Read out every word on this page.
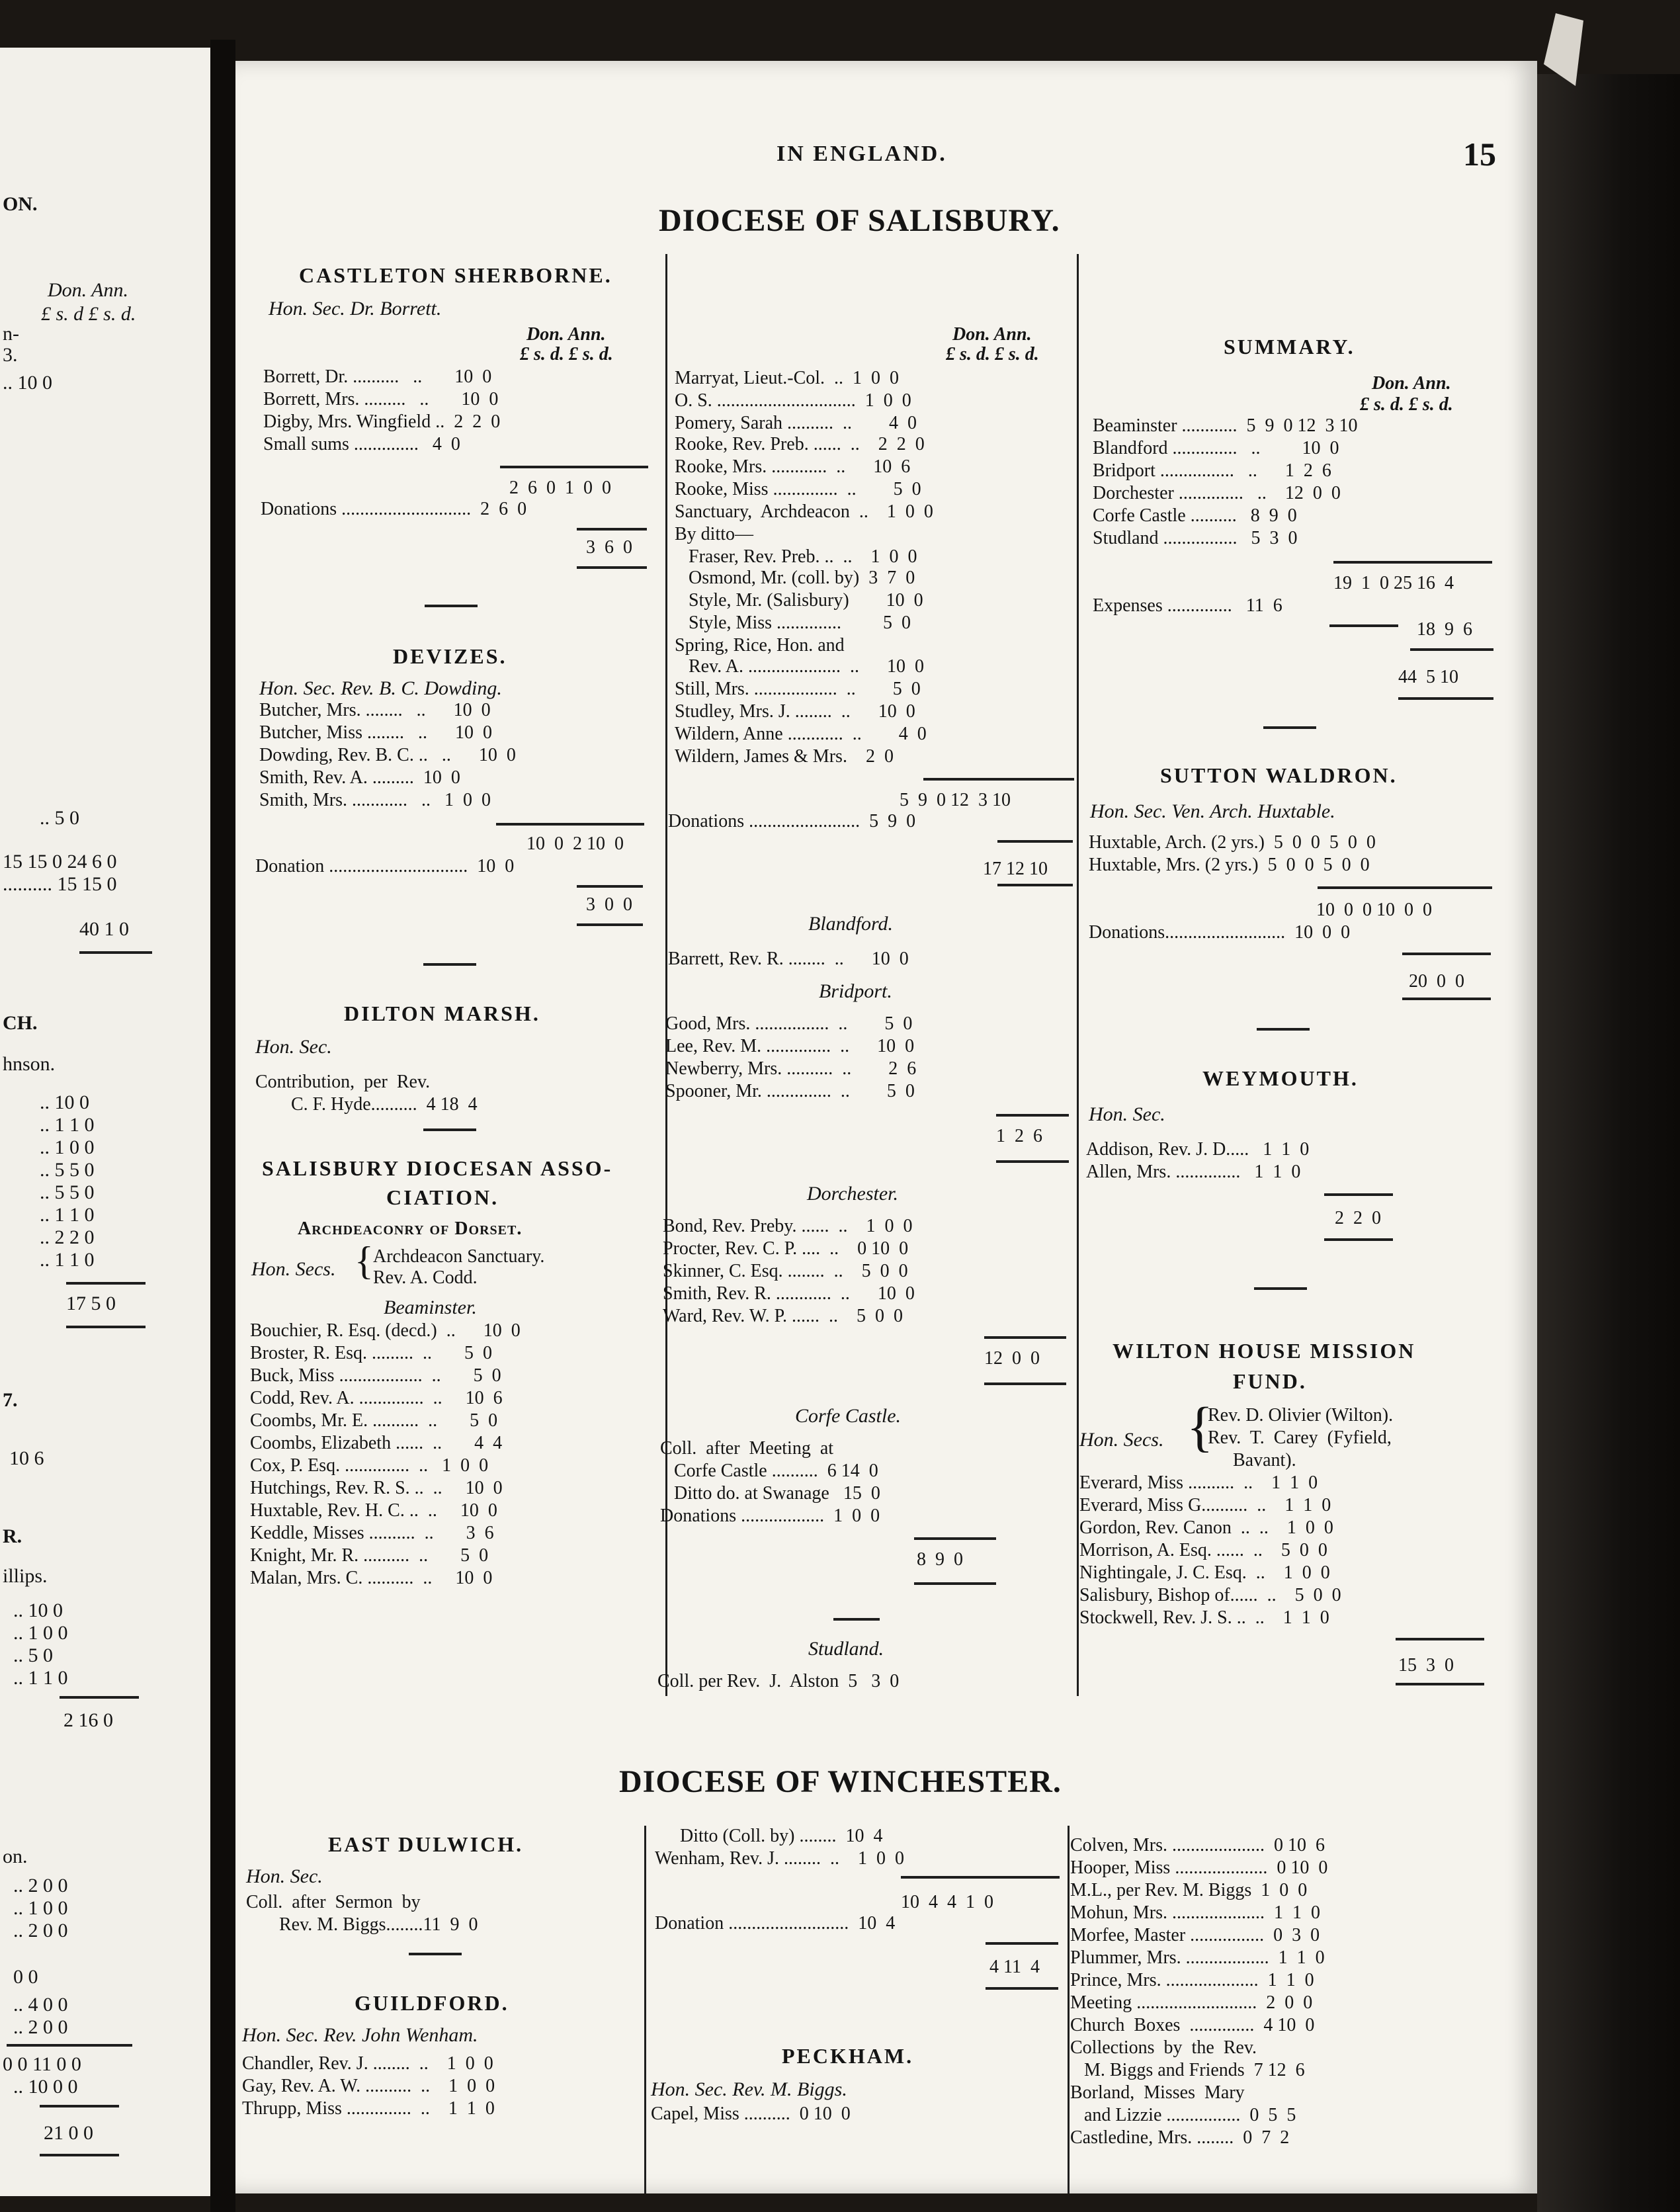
ON.
Don. Ann.
£ s. d £ s. d.
n-
3.
.. 10 0
.. 5 0
15 15 0 24 6 0
.......... 15 15 0
40 1 0
CH.
hnson.
.. 10 0
.. 1 1 0
.. 1 0 0
.. 5 5 0
.. 5 5 0
.. 1 1 0
.. 2 2 0
.. 1 1 0
17 5 0
7.
10 6
R.
illips.
.. 10 0
.. 1 0 0
.. 5 0
.. 1 1 0
2 16 0
on.
.. 2 0 0
.. 1 0 0
.. 2 0 0
0 0
.. 4 0 0
.. 2 0 0
0 0 11 0 0
.. 10 0 0
21 0 0
IN ENGLAND.	15
DIOCESE OF SALISBURY.
CASTLETON SHERBORNE.
Hon. Sec. Dr. Borrett.
Don. Ann.
£ s. d. £ s. d.
Borrett, Dr. ..........   ..       10  0
Borrett, Mrs. .........   ..       10  0
Digby, Mrs. Wingfield ..  2  2  0
Small sums ..............   4  0
2  6  0  1  0  0
Donations ............................  2  6  0
3  6  0
DEVIZES.
Hon. Sec. Rev. B. C. Dowding.
Butcher, Mrs. ........   ..      10  0
Butcher, Miss ........   ..      10  0
Dowding, Rev. B. C. ..   ..      10  0
Smith, Rev. A. .........  10  0
Smith, Mrs. ............   ..   1  0  0
10  0  2 10  0
Donation ..............................  10  0
3  0  0
DILTON MARSH.
Hon. Sec.
Contribution,  per  Rev.
C. F. Hyde..........  4 18  4
SALISBURY DIOCESAN ASSO-
CIATION.
Archdeaconry of Dorset.
Hon. Secs. { Archdeacon Sanctuary.
Rev. A. Codd.
Beaminster.
Bouchier, R. Esq. (decd.)  ..      10  0
Broster, R. Esq. .........  ..       5  0
Buck, Miss ..................  ..       5  0
Codd, Rev. A. ..............  ..     10  6
Coombs, Mr. E. ..........  ..       5  0
Coombs, Elizabeth ......  ..       4  4
Cox, P. Esq. ..............  ..   1  0  0
Hutchings, Rev. R. S. ..  ..     10  0
Huxtable, Rev. H. C. ..  ..     10  0
Keddle, Misses ..........  ..       3  6
Knight, Mr. R. ..........  ..       5  0
Malan, Mrs. C. ..........  ..     10  0
Don. Ann.
£ s. d. £ s. d.
Marryat, Lieut.-Col.  ..  1  0  0
O. S. ..............................  1  0  0
Pomery, Sarah ..........  ..        4  0
Rooke, Rev. Preb. ......  ..    2  2  0
Rooke, Mrs. ............  ..      10  6
Rooke, Miss ..............  ..        5  0
Sanctuary,  Archdeacon  ..    1  0  0
By ditto—
Fraser, Rev. Preb. ..  ..    1  0  0
Osmond, Mr. (coll. by)  3  7  0
Style, Mr. (Salisbury)        10  0
Style, Miss ..............         5  0
Spring, Rice, Hon. and
Rev. A. ....................  ..      10  0
Still, Mrs. ..................  ..        5  0
Studley, Mrs. J. ........  ..      10  0
Wildern, Anne ............  ..        4  0
Wildern, James & Mrs.    2  0
5  9  0 12  3 10
Donations ........................  5  9  0
17 12 10
Blandford.
Barrett, Rev. R. ........  ..      10  0
Bridport.
Good, Mrs. ................  ..        5  0
Lee, Rev. M. ..............  ..      10  0
Newberry, Mrs. ..........  ..        2  6
Spooner, Mr. ..............  ..        5  0
1  2  6
Dorchester.
Bond, Rev. Preby. ......  ..    1  0  0
Procter, Rev. C. P. ....  ..    0 10  0
Skinner, C. Esq. ........  ..    5  0  0
Smith, Rev. R. ............  ..      10  0
Ward, Rev. W. P. ......  ..    5  0  0
12  0  0
Corfe Castle.
Coll.  after  Meeting  at
Corfe Castle ..........  6 14  0
Ditto do. at Swanage   15  0
Donations ..................  1  0  0
8  9  0
Studland.
Coll. per Rev.  J.  Alston  5   3  0
SUMMARY.
Don. Ann.
£ s. d. £ s. d.
Beaminster ............  5  9  0 12  3 10
Blandford ..............   ..         10  0
Bridport ................   ..      1  2  6
Dorchester ..............   ..    12  0  0
Corfe Castle ..........   8  9  0
Studland ................   5  3  0
19  1  0 25 16  4
Expenses ..............   11  6
18  9  6
44  5 10
SUTTON WALDRON.
Hon. Sec. Ven. Arch. Huxtable.
Huxtable, Arch. (2 yrs.)  5  0  0  5  0  0
Huxtable, Mrs. (2 yrs.)  5  0  0  5  0  0
10  0  0 10  0  0
Donations..........................  10  0  0
20  0  0
WEYMOUTH.
Hon. Sec.
Addison, Rev. J. D.....   1  1  0
Allen, Mrs. ..............   1  1  0
2  2  0
WILTON HOUSE MISSION
FUND.
Hon. Secs. {
Rev. D. Olivier (Wilton).
Rev.  T.  Carey  (Fyfield,
Bavant).
Everard, Miss ..........  ..    1  1  0
Everard, Miss G..........  ..    1  1  0
Gordon, Rev. Canon  ..  ..    1  0  0
Morrison, A. Esq. ......  ..    5  0  0
Nightingale, J. C. Esq.  ..    1  0  0
Salisbury, Bishop of......  ..    5  0  0
Stockwell, Rev. J. S. ..  ..    1  1  0
15  3  0
DIOCESE OF WINCHESTER.
EAST DULWICH.
Hon. Sec.
Coll.  after  Sermon  by
Rev. M. Biggs........11  9  0
GUILDFORD.
Hon. Sec. Rev. John Wenham.
Chandler, Rev. J. ........  ..    1  0  0
Gay, Rev. A. W. ..........  ..    1  0  0
Thrupp, Miss ..............  ..    1  1  0
Ditto (Coll. by) ........  10  4
Wenham, Rev. J. ........  ..    1  0  0
10  4  4  1  0
Donation ..........................  10  4
4 11  4
PECKHAM.
Hon. Sec. Rev. M. Biggs.
Capel, Miss ..........  0 10  0
Colven, Mrs. ....................  0 10  6
Hooper, Miss ....................  0 10  0
M.L., per Rev. M. Biggs  1  0  0
Mohun, Mrs. ....................  1  1  0
Morfee, Master ................  0  3  0
Plummer, Mrs. ..................  1  1  0
Prince, Mrs. ....................  1  1  0
Meeting ..........................  2  0  0
Church  Boxes  ..............  4 10  0
Collections  by  the  Rev.
M. Biggs and Friends  7 12  6
Borland,  Misses  Mary
and Lizzie ................  0  5  5
Castledine, Mrs. ........  0  7  2
